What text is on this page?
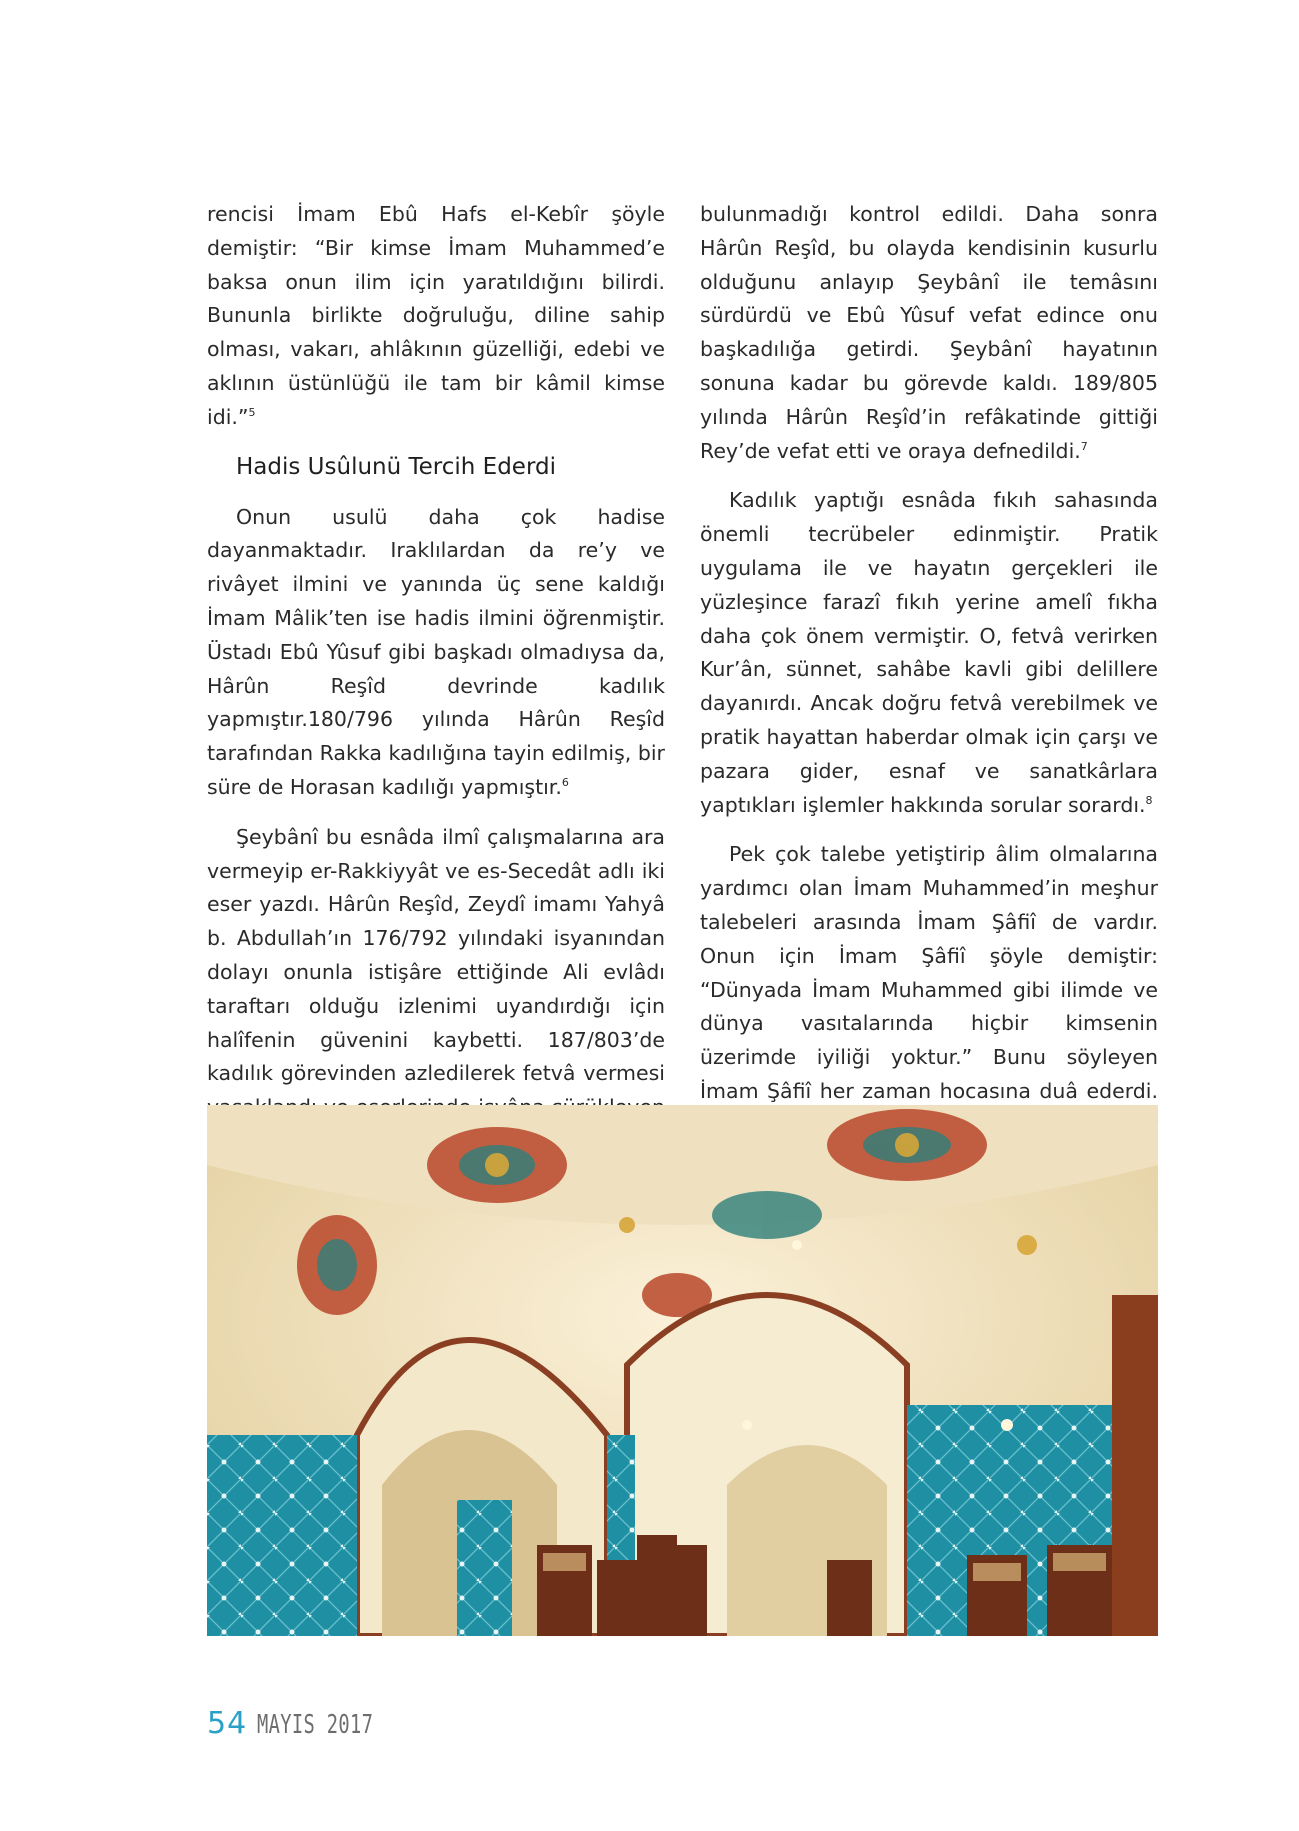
rencisi İmam Ebû Hafs el-Kebîr şöyle demiştir: “Bir kimse İmam Muhammed’e baksa onun ilim için yaratıldığını bilirdi. Bununla birlikte doğruluğu, diline sahip olması, vakarı, ahlâkının güzelliği, edebi ve aklının üstünlüğü ile tam bir kâmil kimse idi.”$^5$

Hadis Usûlunü Tercih Ederdi

Onun usulü daha çok hadise dayanmaktadır. Iraklılardan da re’y ve rivâyet ilmini ve yanında üç sene kaldığı İmam Mâlik’ten ise hadis ilmini öğrenmiştir. Üstadı Ebû Yûsuf gibi başkadı olmadıysa da, Hârûn Reşîd devrinde kadılık yapmıştır.180/796 yılında Hârûn Reşîd tarafından Rakka kadılığına tayin edilmiş, bir süre de Horasan kadılığı yapmıştır.$^6$

Şeybânî bu esnâda ilmî çalışmalarına ara vermeyip er-Rakkiyyât ve es-Secedât adlı iki eser yazdı. Hârûn Reşîd, Zeydî imamı Yahyâ b. Abdullah’ın 176/792 yılındaki isyanından dolayı onunla istişâre ettiğinde Ali evlâdı taraftarı olduğu izlenimi uyandırdığı için halîfenin güvenini kaybetti. 187/803’de kadılık görevinden azledilerek fetvâ vermesi

bulunmadığı kontrol edildi. Daha sonra Hârûn Reşîd, bu olayda kendisinin kusurlu olduğunu anlayıp Şeybânî ile temâsını sürdürdü ve Ebû Yûsuf vefat edince onu başkadılığa getirdi. Şeybânî hayatının sonuna kadar bu görevde kaldı. 189/805 yılında Hârûn Reşîd’in refâkatinde gittiği Rey’de vefat etti ve oraya defnedildi.$^7$

Kadılık yaptığı esnâda fıkıh sahasında önemli tecrübeler edinmiştir. Pratik uygulama ile ve hayatın gerçekleri ile yüzleşince farazî fıkıh yerine amelî fıkha daha çok önem vermiştir. O, fetvâ verirken Kur’ân, sünnet, sahâbe kavli gibi delillere dayanırdı. Ancak doğru fetvâ verebilmek ve pratik hayattan haberdar olmak için çarşı ve pazara gider, esnaf ve sanatkârlara yaptıkları işlemler hakkında sorular sorardı.$^8$

Pek çok talebe yetiştirip âlim olmalarına yardımcı olan İmam Muhammed’in meşhur talebeleri arasında İmam Şâfiî de vardır. Onun için İmam Şâfiî şöyle demiştir: “Dünyada İmam Muhammed gibi ilimde ve dünya vasıtalarında hiçbir kimsenin üzerimde iyiliği yoktur.” Bunu söyleyen İmam Şâfiî her zaman hocasına duâ ederdi.

54 MAYIS 2017
